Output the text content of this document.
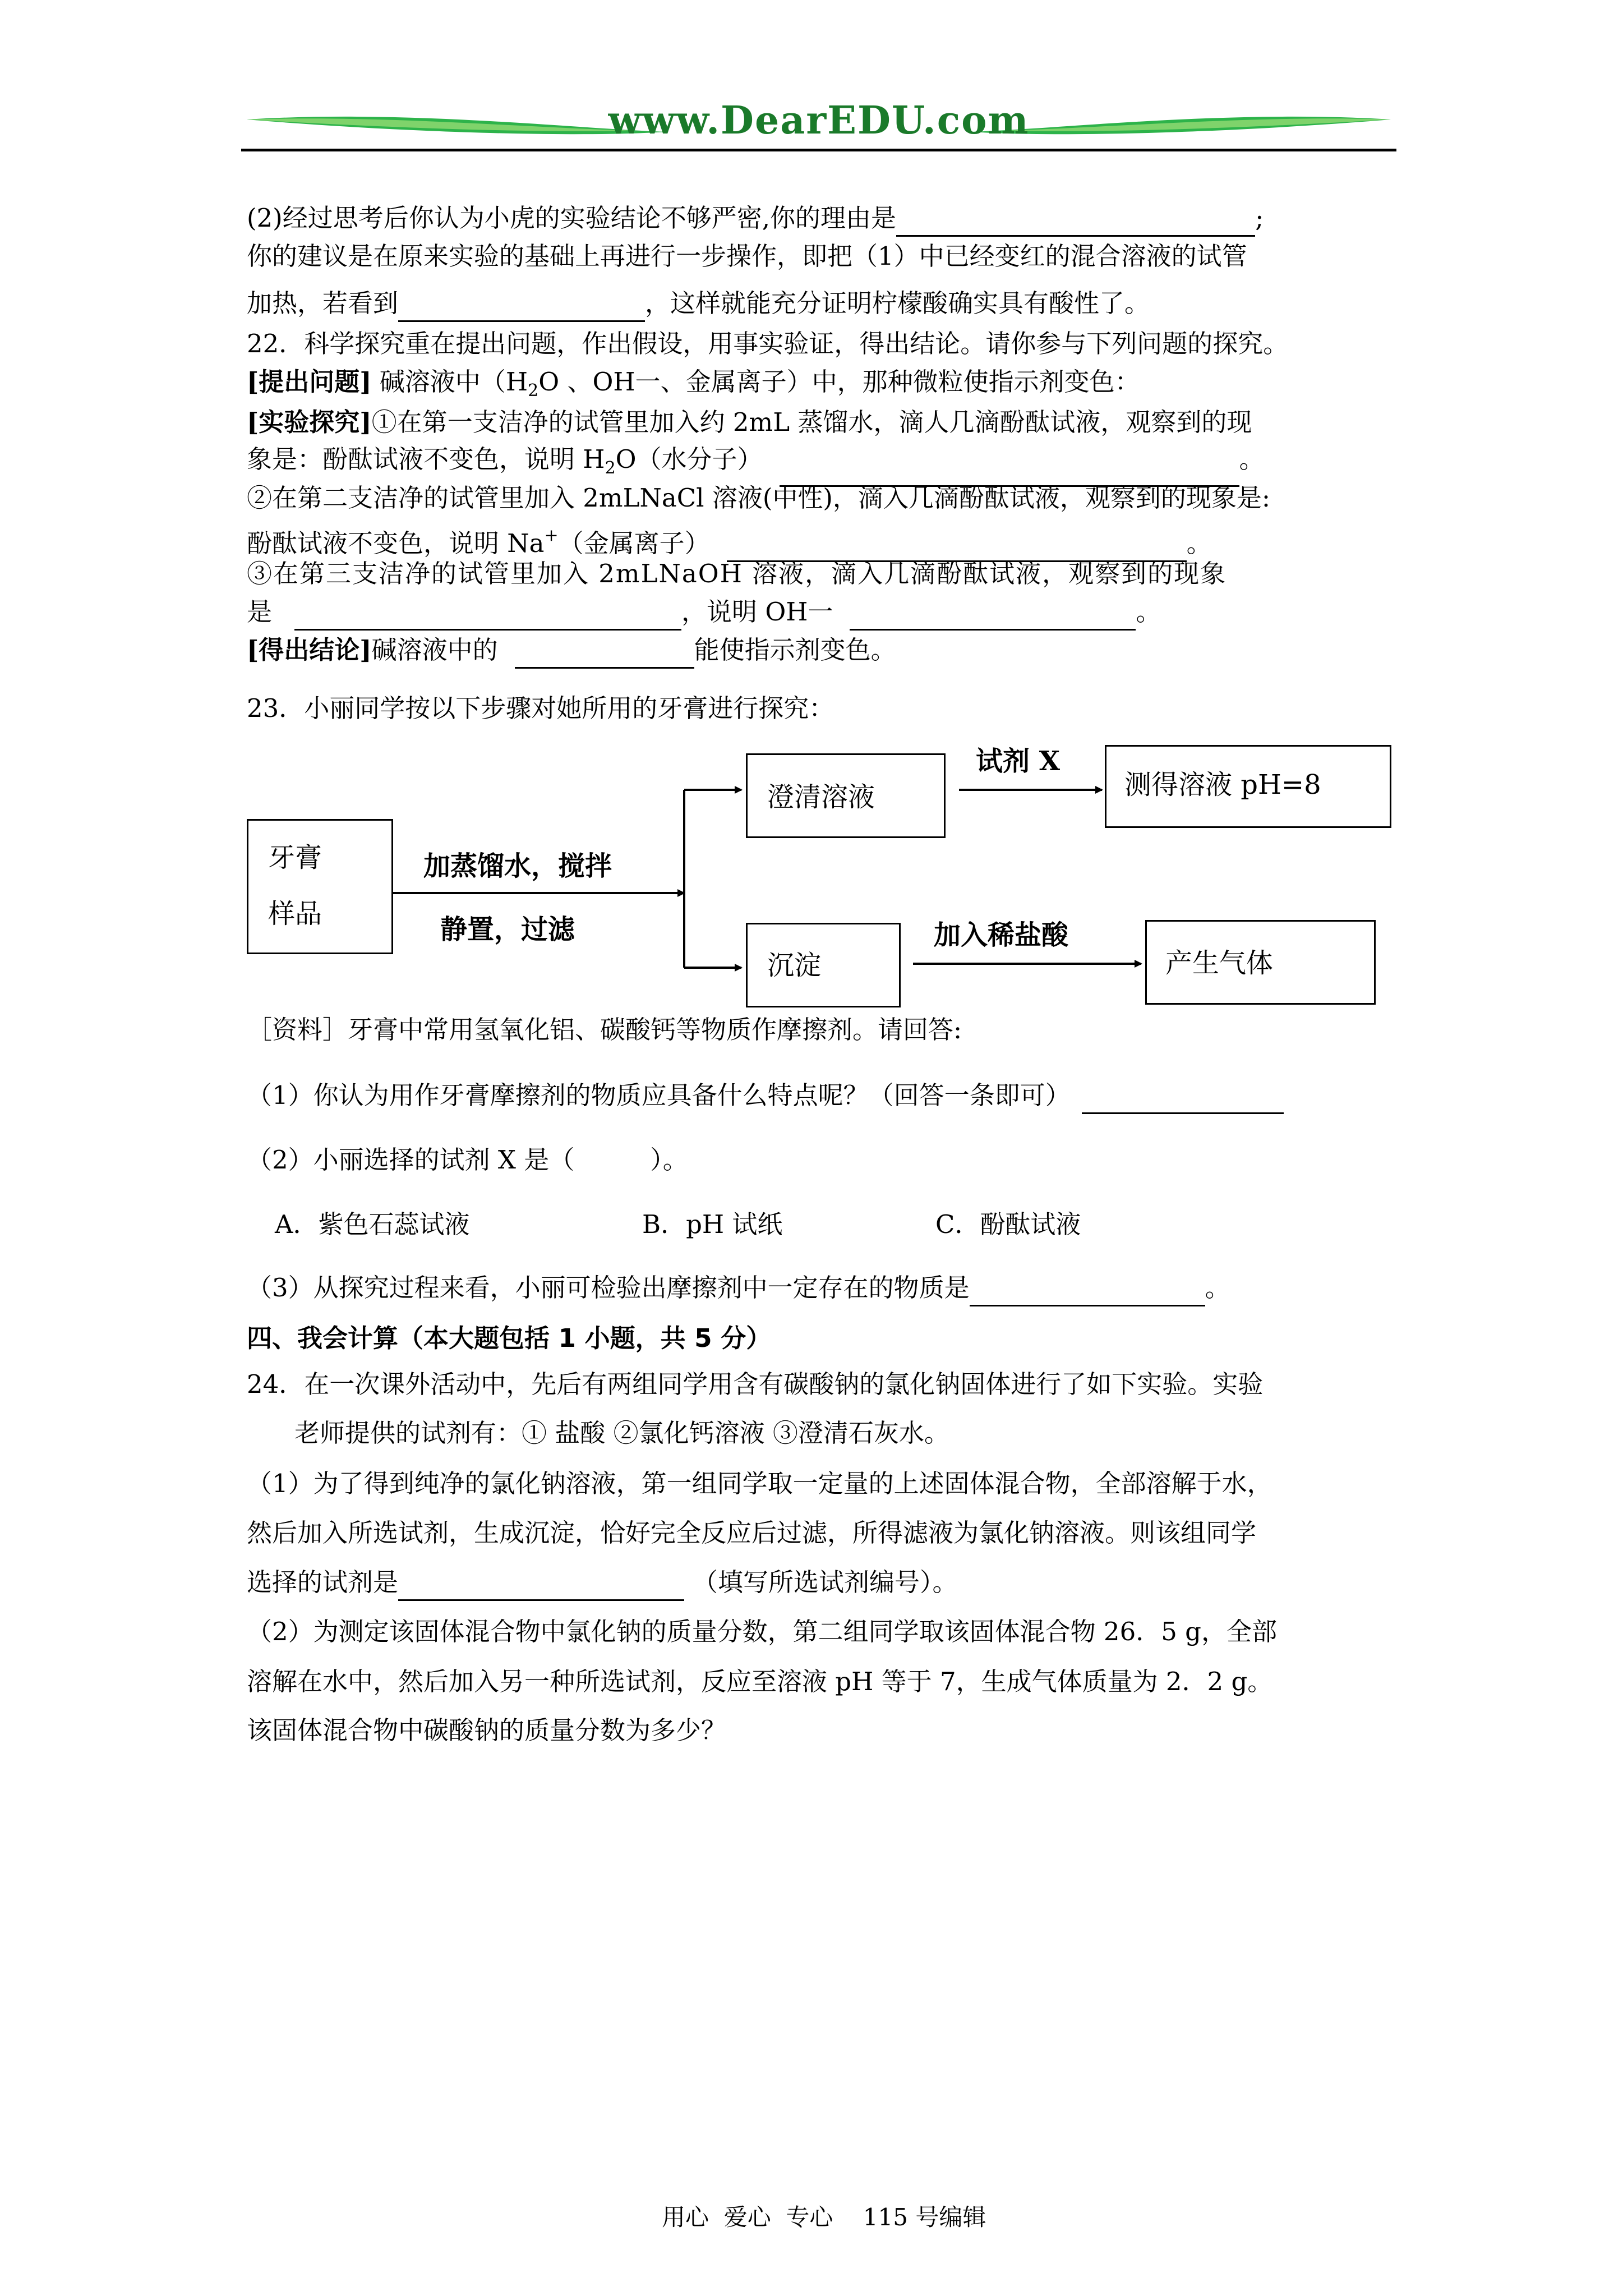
www.DearEDU.com
(2)经过思考后你认为小虎的实验结论不够严密,你的理由是	;
你的建议是在原来实验的基础上再进行一步操作，即把（1）中已经变红的混合溶液的试管
加热，若看到	，这样就能充分证明柠檬酸确实具有酸性了。
22．科学探究重在提出问题，作出假设，用事实验证，得出结论。请你参与下列问题的探究。
[提出问题] 碱溶液中（$H_2O$ 、OH一、金属离子）中，那种微粒使指示剂变色：
[实验探究]①在第一支洁净的试管里加入约 2mL 蒸馏水，滴人几滴酚酞试液，观察到的现
象是：酚酞试液不变色，说明 $H_2O$（水分子）	。
②在第二支洁净的试管里加入 2mLNaCl 溶液(中性)，滴入几滴酚酞试液，观察到的现象是:
酚酞试液不变色，说明 Na+（金属离子）	。
③在第三支洁净的试管里加入 2mLNaOH 溶液，滴入几滴酚酞试液，观察到的现象
是	，说明 OH一	。
[得出结论]碱溶液中的	能使指示剂变色。
23．小丽同学按以下步骤对她所用的牙膏进行探究：
牙膏
样品
加蒸馏水，搅拌
静置，过滤
澄清溶液
试剂 X
测得溶液 pH=8
沉淀
加入稀盐酸
产生气体
［资料］牙膏中常用氢氧化铝、碳酸钙等物质作摩擦剂。请回答:
（1）你认为用作牙膏摩擦剂的物质应具备什么特点呢？（回答一条即可）
（2）小丽选择的试剂 X 是（　　　）。
A．紫色石蕊试液	B．pH 试纸	C．酚酞试液
（3）从探究过程来看，小丽可检验出摩擦剂中一定存在的物质是	。
四、我会计算（本大题包括 1 小题，共 5 分）
24．在一次课外活动中，先后有两组同学用含有碳酸钠的氯化钠固体进行了如下实验。实验
老师提供的试剂有：① 盐酸 ②氯化钙溶液 ③澄清石灰水。
（1）为了得到纯净的氯化钠溶液，第一组同学取一定量的上述固体混合物，全部溶解于水，
然后加入所选试剂，生成沉淀，恰好完全反应后过滤，所得滤液为氯化钠溶液。则该组同学
选择的试剂是	（填写所选试剂编号）。
（2）为测定该固体混合物中氯化钠的质量分数，第二组同学取该固体混合物 26．5 g，全部
溶解在水中，然后加入另一种所选试剂，反应至溶液 pH 等于 7，生成气体质量为 2．2 g。
该固体混合物中碳酸钠的质量分数为多少？
用心  爱心  专心    115 号编辑
